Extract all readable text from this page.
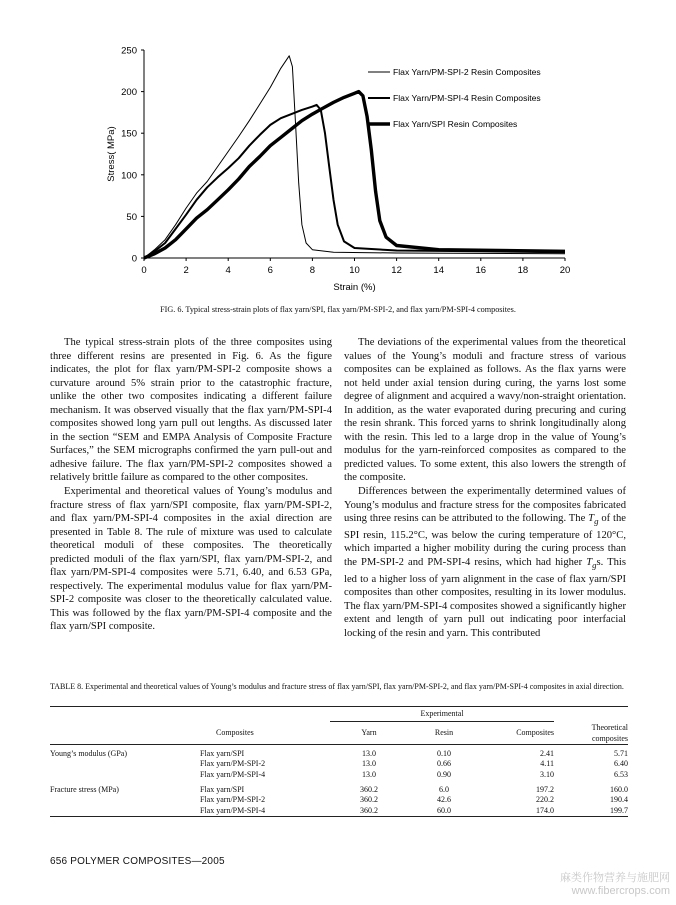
0	2	4	6	8	10	12	14	16	18	20
0
50
100
150
200
250
Strain (%)
Stress( MPa)
Flax Yarn/PM-SPI-2 Resin Composites
Flax Yarn/PM-SPI-4 Resin Composites
Flax Yarn/SPI Resin Composites
FIG. 6. Typical stress-strain plots of flax yarn/SPI, flax yarn/PM-SPI-2, and flax yarn/PM-SPI-4 composites.

The typical stress-strain plots of the three composites using three different resins are presented in Fig. 6. As the figure indicates, the plot for flax yarn/PM-SPI-2 composite shows a curvature around 5% strain prior to the catastrophic fracture, unlike the other two composites indicating a different failure mechanism. It was observed visually that the flax yarn/PM-SPI-4 composites showed long yarn pull out lengths. As discussed later in the section “SEM and EMPA Analysis of Composite Fracture Surfaces,” the SEM micrographs confirmed the yarn pull-out and adhesive failure. The flax yarn/PM-SPI-2 composites showed a relatively brittle failure as compared to the other composites.

Experimental and theoretical values of Young’s modulus and fracture stress of flax yarn/SPI composite, flax yarn/PM-SPI-2, and flax yarn/PM-SPI-4 composites in the axial direction are presented in Table 8. The rule of mixture was used to calculate theoretical moduli of these composites. The theoretically predicted moduli of the flax yarn/SPI, flax yarn/PM-SPI-2, and flax yarn/PM-SPI-4 composites were 5.71, 6.40, and 6.53 GPa, respectively. The experimental modulus value for flax yarn/PM-SPI-2 composite was closer to the theoretically calculated value. This was followed by the flax yarn/PM-SPI-4 composite and the flax yarn/SPI composite.

The deviations of the experimental values from the theoretical values of the Young’s moduli and fracture stress of various composites can be explained as follows. As the flax yarns were not held under axial tension during curing, the yarns lost some degree of alignment and acquired a wavy/non-straight orientation. In addition, as the water evaporated during precuring and curing the resin shrank. This forced yarns to shrink longitudinally along with the resin. This led to a large drop in the value of Young’s modulus for the yarn-reinforced composites as compared to the predicted values. To some extent, this also lowers the strength of the composite.

Differences between the experimentally determined values of Young’s modulus and fracture stress for the composites fabricated using three resins can be attributed to the following. The $T_g$ of the SPI resin, 115.2°C, was below the curing temperature of 120°C, which imparted a higher mobility during the curing process than the PM-SPI-2 and PM-SPI-4 resins, which had higher $T_gs$. This led to a higher loss of yarn alignment in the case of flax yarn/SPI composites than other composites, resulting in its lower modulus. The flax yarn/PM-SPI-4 composites showed a significantly higher extent and length of yarn pull out indicating poor interfacial locking of the resin and yarn. This contributed

TABLE 8. Experimental and theoretical values of Young’s modulus and fracture stress of flax yarn/SPI, flax yarn/PM-SPI-2, and flax yarn/PM-SPI-4 composites in axial direction.
		Experimental			
	Composites	Yarn	Resin	Composites	Theoretical
composites
Young’s modulus (GPa)	Flax yarn/SPI	13.0	0.10	2.41	5.71
	Flax yarn/PM-SPI-2	13.0	0.66	4.11	6.40
	Flax yarn/PM-SPI-4	13.0	0.90	3.10	6.53
Fracture stress (MPa)	Flax yarn/SPI	360.2	6.0	197.2	160.0
	Flax yarn/PM-SPI-2	360.2	42.6	220.2	190.4
	Flax yarn/PM-SPI-4	360.2	60.0	174.0	199.7
656 POLYMER COMPOSITES—2005
麻类作物营养与施肥网
www.fibercrops.com
